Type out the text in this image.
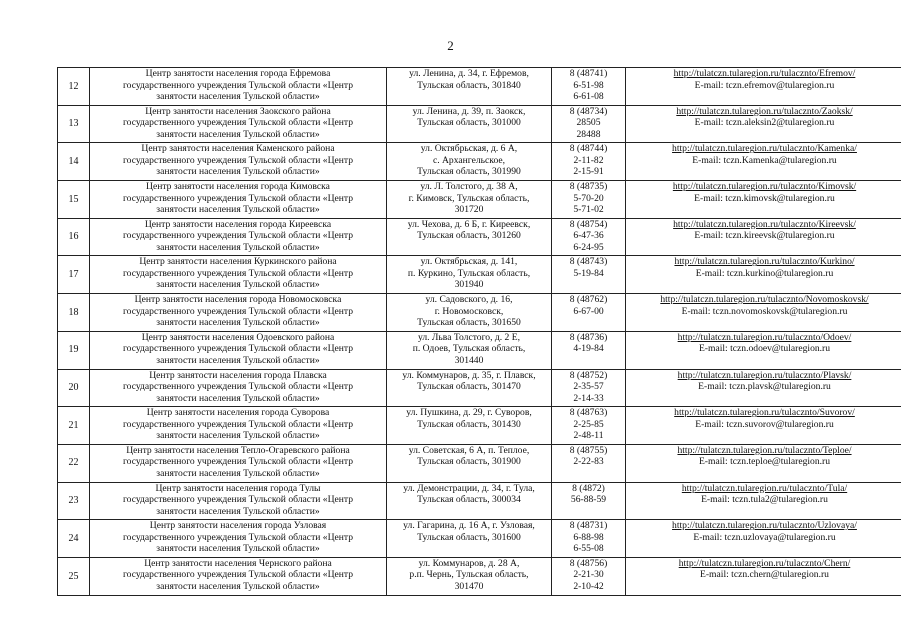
2
12	Центр занятости населения города Ефремова
государственного учреждения Тульской области «Центр
занятости населения Тульской области»	ул. Ленина, д. 34, г. Ефремов,
Тульская область, 301840	8 (48741)
6-51-98
6-61-08	http://tulatczn.tularegion.ru/tulacznto/Efremov/
E-mail: tczn.efremov@tularegion.ru

13	Центр занятости населения Заокского района
государственного учреждения Тульской области «Центр
занятости населения Тульской области»	ул. Ленина, д. 39, п. Заокск,
Тульская область, 301000	8 (48734)
28505
28488	http://tulatczn.tularegion.ru/tulacznto/Zaoksk/
E-mail: tczn.aleksin2@tularegion.ru

14	Центр занятости населения Каменского района
государственного учреждения Тульской области «Центр
занятости населения Тульской области»	ул. Октябрьская, д. 6 А,
с. Архангельское,
Тульская область, 301990	8 (48744)
2-11-82
2-15-91	http://tulatczn.tularegion.ru/tulacznto/Kamenka/
E-mail: tczn.Kamenka@tularegion.ru

15	Центр занятости населения города Кимовска
государственного учреждения Тульской области «Центр
занятости населения Тульской области»	ул. Л. Толстого, д. 38 А,
г. Кимовск, Тульская область,
301720	8 (48735)
5-70-20
5-71-02	http://tulatczn.tularegion.ru/tulacznto/Kimovsk/
E-mail: tczn.kimovsk@tularegion.ru

16	Центр занятости населения города Киреевска
государственного учреждения Тульской области «Центр
занятости населения Тульской области»	ул. Чехова, д. 6 Б, г. Киреевск,
Тульская область, 301260	8 (48754)
6-47-36
6-24-95	http://tulatczn.tularegion.ru/tulacznto/Kireevsk/
E-mail: tczn.kireevsk@tularegion.ru

17	Центр занятости населения Куркинского района
государственного учреждения Тульской области «Центр
занятости населения Тульской области»	ул. Октябрьская, д. 141,
п. Куркино, Тульская область,
301940	8 (48743)
5-19-84	http://tulatczn.tularegion.ru/tulacznto/Kurkino/
E-mail: tczn.kurkino@tularegion.ru

18	Центр занятости населения города Новомосковска
государственного учреждения Тульской области «Центр
занятости населения Тульской области»	ул. Садовского, д. 16,
г. Новомосковск,
Тульская область, 301650	8 (48762)
6-67-00	http://tulatczn.tularegion.ru/tulacznto/Novomoskovsk/
E-mail: tczn.novomoskovsk@tularegion.ru

19	Центр занятости населения Одоевского района
государственного учреждения Тульской области «Центр
занятости населения Тульской области»	ул. Льва Толстого, д. 2 Е,
п. Одоев, Тульская область,
301440	8 (48736)
4-19-84	http://tulatczn.tularegion.ru/tulacznto/Odoev/
E-mail: tczn.odoev@tularegion.ru

20	Центр занятости населения города Плавска
государственного учреждения Тульской области «Центр
занятости населения Тульской области»	ул. Коммунаров, д. 35, г. Плавск,
Тульская область, 301470	8 (48752)
2-35-57
2-14-33	http://tulatczn.tularegion.ru/tulacznto/Plavsk/
E-mail: tczn.plavsk@tularegion.ru

21	Центр занятости населения города Суворова
государственного учреждения Тульской области «Центр
занятости населения Тульской области»	ул. Пушкина, д. 29, г. Суворов,
Тульская область, 301430	8 (48763)
2-25-85
2-48-11	http://tulatczn.tularegion.ru/tulacznto/Suvorov/
E-mail: tczn.suvorov@tularegion.ru

22	Центр занятости населения Тепло-Огаревского района
государственного учреждения Тульской области «Центр
занятости населения Тульской области»	ул. Советская, 6 А, п. Теплое,
Тульская область, 301900	8 (48755)
2-22-83	http://tulatczn.tularegion.ru/tulacznto/Teploe/
E-mail: tczn.teploe@tularegion.ru

23	Центр занятости населения города Тулы
государственного учреждения Тульской области «Центр
занятости населения Тульской области»	ул. Демонстрации, д. 34, г. Тула,
Тульская область, 300034	8 (4872)
56-88-59	http://tulatczn.tularegion.ru/tulacznto/Tula/
E-mail: tczn.tula2@tularegion.ru

24	Центр занятости населения города Узловая
государственного учреждения Тульской области «Центр
занятости населения Тульской области»	ул. Гагарина, д. 16 А, г. Узловая,
Тульская область, 301600	8 (48731)
6-88-98
6-55-08	http://tulatczn.tularegion.ru/tulacznto/Uzlovaya/
E-mail: tczn.uzlovaya@tularegion.ru

25	Центр занятости населения Чернского района
государственного учреждения Тульской области «Центр
занятости населения Тульской области»	ул. Коммунаров, д. 28 А,
р.п. Чернь, Тульская область,
301470	8 (48756)
2-21-30
2-10-42	http://tulatczn.tularegion.ru/tulacznto/Chern/
E-mail: tczn.chern@tularegion.ru
